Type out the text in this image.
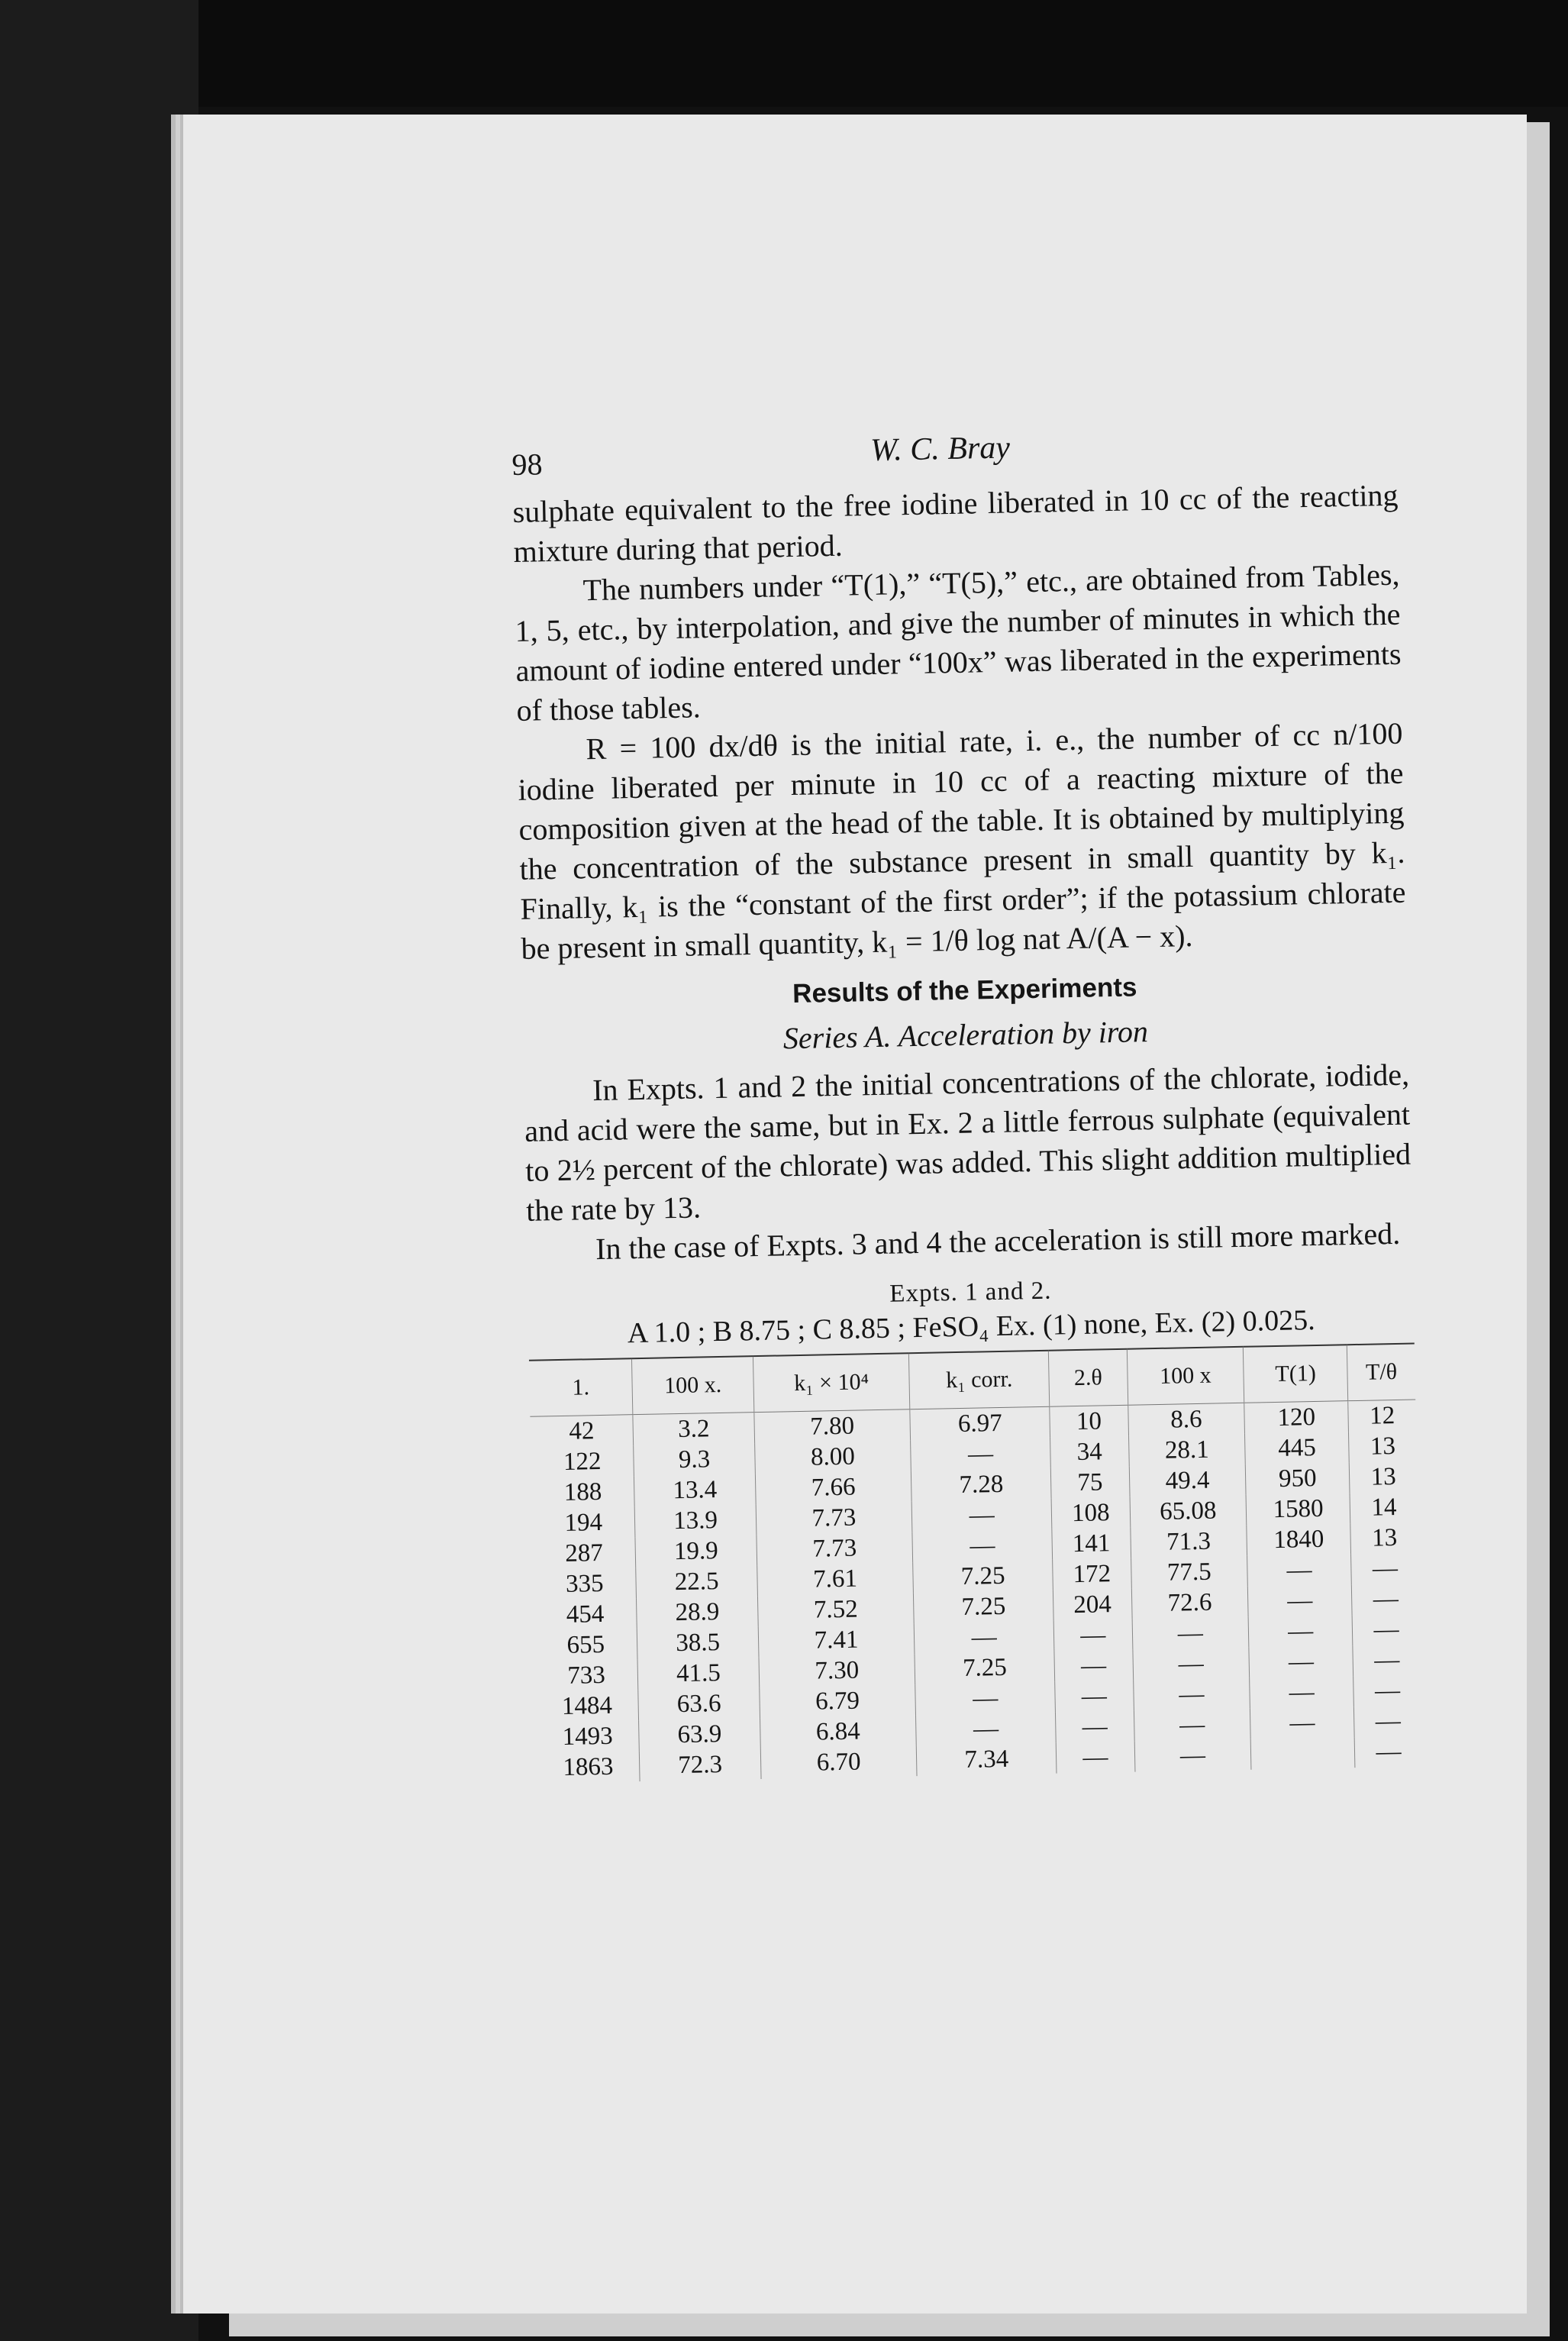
98	W. C. Bray

sulphate equivalent to the free iodine liberated in 10 cc of the reacting mixture during that period.

The numbers under “T(1),” “T(5),” etc., are obtained from Tables, 1, 5, etc., by interpolation, and give the number of minutes in which the amount of iodine entered under “100x” was liberated in the experiments of those tables.

R = 100 dx/dθ is the initial rate, i. e., the number of cc n/100 iodine liberated per minute in 10 cc of a reacting mixture of the composition given at the head of the table. It is obtained by multiplying the concentration of the substance present in small quantity by k₁. Finally, k₁ is the “constant of the first order”; if the potassium chlorate be present in small quantity, k₁ = 1/θ log nat A/(A − x).

Results of the Experiments
Series A. Acceleration by iron

In Expts. 1 and 2 the initial concentrations of the chlorate, iodide, and acid were the same, but in Ex. 2 a little ferrous sulphate (equivalent to 2½ percent of the chlorate) was added. This slight addition multiplied the rate by 13.

In the case of Expts. 3 and 4 the acceleration is still more marked.

Expts. 1 and 2.
A 1.0 ; B 8.75 ; C 8.85 ; FeSO₄ Ex. (1) none, Ex. (2) 0.025.
1.	100 x.	k₁ × 10⁴	k₁ corr.	2.θ	100 x	T(1)	T/θ
42	3.2	7.80	6.97	10	8.6	120	12
122	9.3	8.00	—	34	28.1	445	13
188	13.4	7.66	7.28	75	49.4	950	13
194	13.9	7.73	—	108	65.08	1580	14
287	19.9	7.73	—	141	71.3	1840	13
335	22.5	7.61	7.25	172	77.5	—	—
454	28.9	7.52	7.25	204	72.6	—	—
655	38.5	7.41	—	—	—	—	—
733	41.5	7.30	7.25	—	—	—	—
1484	63.6	6.79	—	—	—	—	—
1493	63.9	6.84	—	—	—	—	—
1863	72.3	6.70	7.34	—	—		—
